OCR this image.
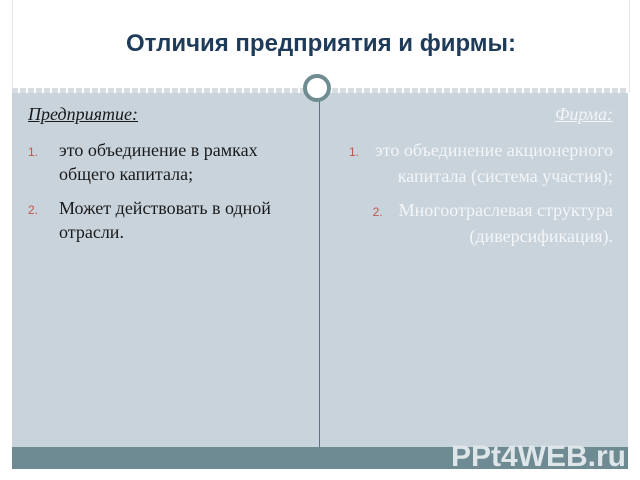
Отличия предприятия и фирмы:
Предприятие:
1. это объединение в рамках общего капитала;
2. Может действовать в одной отрасли.
Фирма:
1. это объединение акционерного капитала (система участия);
2. Многоотраслевая структура (диверсификация).
PPt4WEB.ru
